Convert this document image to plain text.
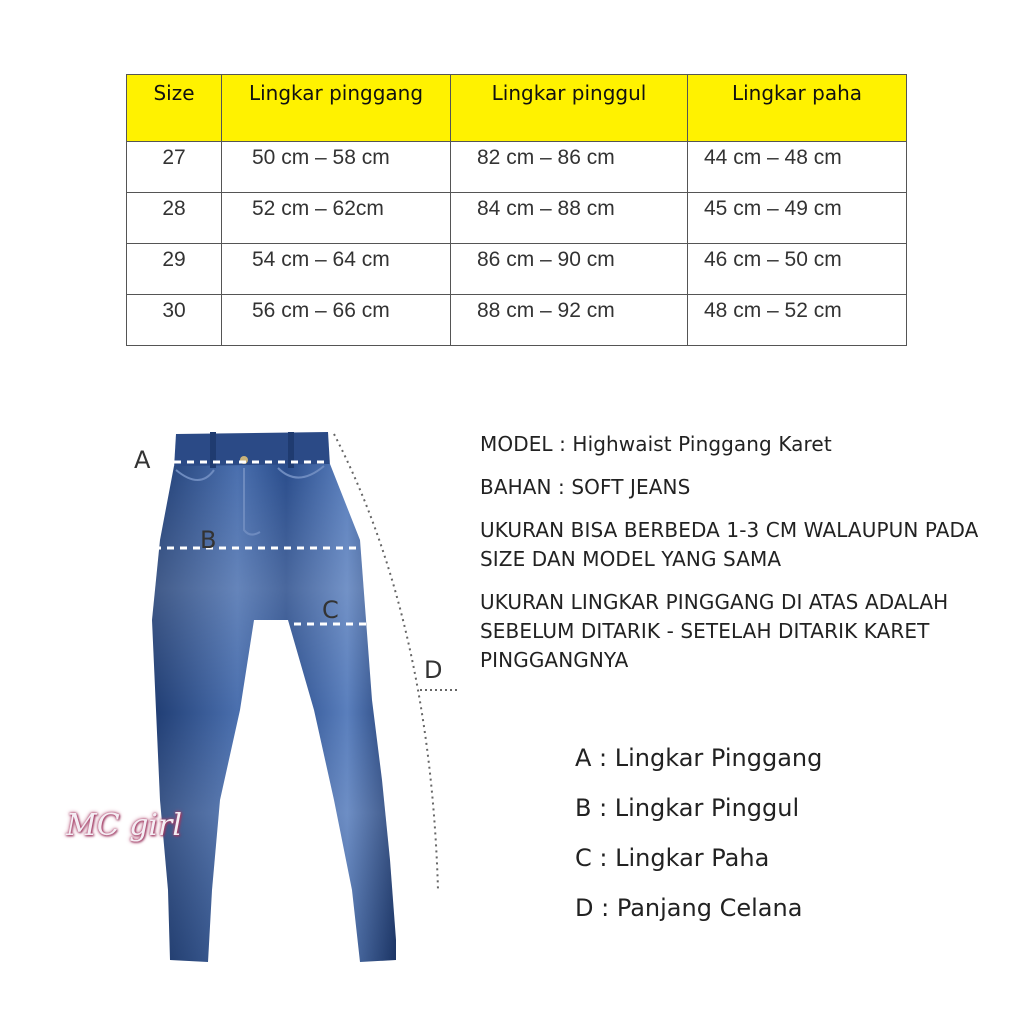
Size	Lingkar pinggang	Lingkar pinggul	Lingkar paha
27	50 cm – 58 cm	82 cm – 86 cm	44 cm – 48 cm
28	52 cm – 62cm	84 cm – 88 cm	45 cm – 49 cm
29	54 cm – 64 cm	86 cm – 90 cm	46 cm – 50 cm
30	56 cm – 66 cm	88 cm – 92 cm	48 cm – 52 cm
A
B
C
D
MC girl

MODEL : Highwaist Pinggang Karet

BAHAN : SOFT JEANS

UKURAN BISA BERBEDA 1-3 CM WALAUPUN PADA SIZE DAN MODEL YANG SAMA

UKURAN LINGKAR PINGGANG DI ATAS ADALAH SEBELUM DITARIK - SETELAH DITARIK KARET PINGGANGNYA

A : Lingkar Pinggang
B : Lingkar Pinggul
C : Lingkar Paha
D : Panjang Celana
